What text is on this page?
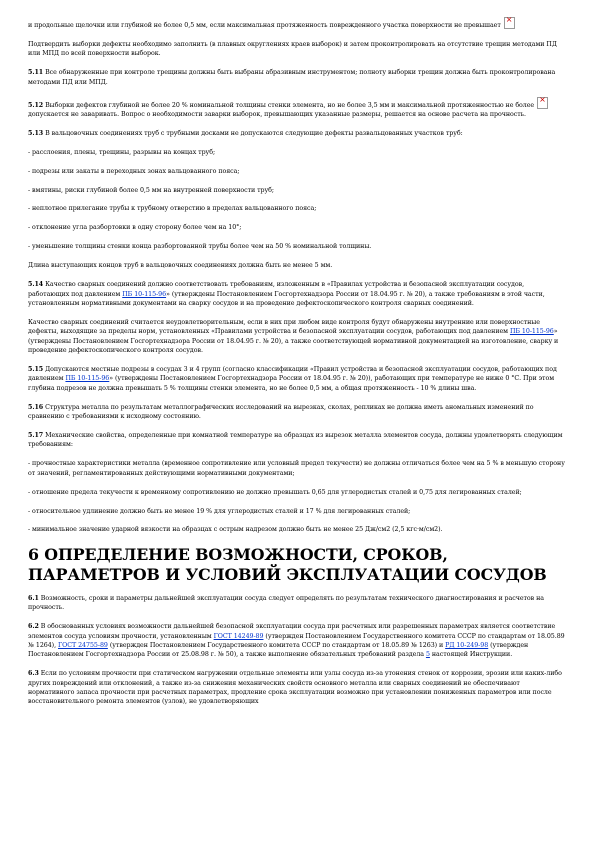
и продольные щелочки или глубиной не более 0,5 мм, если максимальная протяженность поврежденного участка поверхности не превышает ×

Подтвердить выборки дефекты необходимо заполнить (в плавных округлениях краев выборок) и затем проконтролировать на отсутствие трещин методами ПД или МПД по всей поверхности выборок.

5.11 Все обнаруженные при контроле трещины должны быть выбраны абразивным инструментом; полноту выборки трещин должна быть проконтролирована методами ПД или МПД.

5.12 Выборки дефектов глубиной не более 20 % номинальной толщины стенки элемента, но не более 3,5 мм и максимальной протяженностью не более × допускается не заваривать. Вопрос о необходимости заварки выборок, превышающих указанные размеры, решается на основе расчета на прочность.

5.13 В вальцовочных соединениях труб с трубными досками не допускаются следующие дефекты развальцованных участков труб:

- расслоения, плены, трещины, разрывы на концах труб;

- подрезы или закаты в переходных зонах вальцованного пояса;

- вмятины, риски глубиной более 0,5 мм на внутренней поверхности труб;

- неплотное прилегание трубы к трубному отверстию в пределах вальцованного пояса;

- отклонение угла разбортовки в одну сторону более чем на 10°;

- уменьшение толщины стенки конца разбортованной трубы более чем на 50 % номинальной толщины.

Длина выступающих концов труб в вальцовочных соединениях должна быть не менее 5 мм.

5.14 Качество сварных соединений должно соответствовать требованиям, изложенным в «Правилах устройства и безопасной эксплуатации сосудов, работающих под давлением ПБ 10-115-96» (утверждены Постановлением Госгортехнадзора России от 18.04.95 г. № 20), а также требованиям в этой части, установленным нормативными документами на сварку сосудов и на проведение дефектоскопического контроля сварных соединений.

Качество сварных соединений считается неудовлетворительным, если в них при любом виде контроля будут обнаружены внутренние или поверхностные дефекты, выходящие за пределы норм, установленных «Правилами устройства и безопасной эксплуатации сосудов, работающих под давлением ПБ 10-115-96» (утверждены Постановлением Госгортехнадзора России от 18.04.95 г. № 20), а также соответствующей нормативной документацией на изготовление, сварку и проведение дефектоскопического контроля сосудов.

5.15 Допускаются местные подрезы в сосудах 3 и 4 групп (согласно классификации «Правил устройства и безопасной эксплуатации сосудов, работающих под давлением ПБ 10-115-96» (утверждены Постановлением Госгортехнадзора России от 18.04.95 г. № 20)), работающих при температуре не ниже 0 °С. При этом глубина подрезов не должна превышать 5 % толщины стенки элемента, но не более 0,5 мм, а общая протяженность - 10 % длины шва.

5.16 Структура металла по результатам металлографических исследований на вырезках, сколах, репликах не должна иметь аномальных изменений по сравнению с требованиями к исходному состоянию.

5.17 Механические свойства, определенные при комнатной температуре на образцах из вырезок металла элементов сосуда, должны удовлетворять следующим требованиям:

- прочностные характеристики металла (временное сопротивление или условный предел текучести) не должны отличаться более чем на 5 % в меньшую сторону от значений, регламентированных действующими нормативными документами;

- отношение предела текучести к временному сопротивлению не должно превышать 0,65 для углеродистых сталей и 0,75 для легированных сталей;

- относительное удлинение должно быть не менее 19 % для углеродистых сталей и 17 % для легированных сталей;

- минимальное значение ударной вязкости на образцах с острым надрезом должно быть не менее 25 Дж/см2 (2,5 кгс·м/см2).

6 ОПРЕДЕЛЕНИЕ ВОЗМОЖНОСТИ, СРОКОВ, ПАРАМЕТРОВ И УСЛОВИЙ ЭКСПЛУАТАЦИИ СОСУДОВ

6.1 Возможность, сроки и параметры дальнейшей эксплуатации сосуда следует определять по результатам технического диагностирования и расчетов на прочность.

6.2 В обоснованных условиях возможности дальнейшей безопасной эксплуатации сосуда при расчетных или разрешенных параметрах является соответствие элементов сосуда условиям прочности, установленным ГОСТ 14249-89 (утвержден Постановлением Государственного комитета СССР по стандартам от 18.05.89 № 1264), ГОСТ 24755-89 (утвержден Постановлением Государственного комитета СССР по стандартам от 18.05.89 № 1263) и РД 10-249-98 (утвержден Постановлением Госгортехнадзора России от 25.08.98 г. № 50), а также выполнение обязательных требований раздела 5 настоящей Инструкции.

6.3 Если по условиям прочности при статическом нагружении отдельные элементы или узлы сосуда из-за утонения стенок от коррозии, эрозии или каких-либо других повреждений или отклонений, а также из-за снижения механических свойств основного металла или сварных соединений не обеспечивают нормативного запаса прочности при расчетных параметрах, продление срока эксплуатации возможно при установлении пониженных параметров или после восстановительного ремонта элементов (узлов), не удовлетворяющих
